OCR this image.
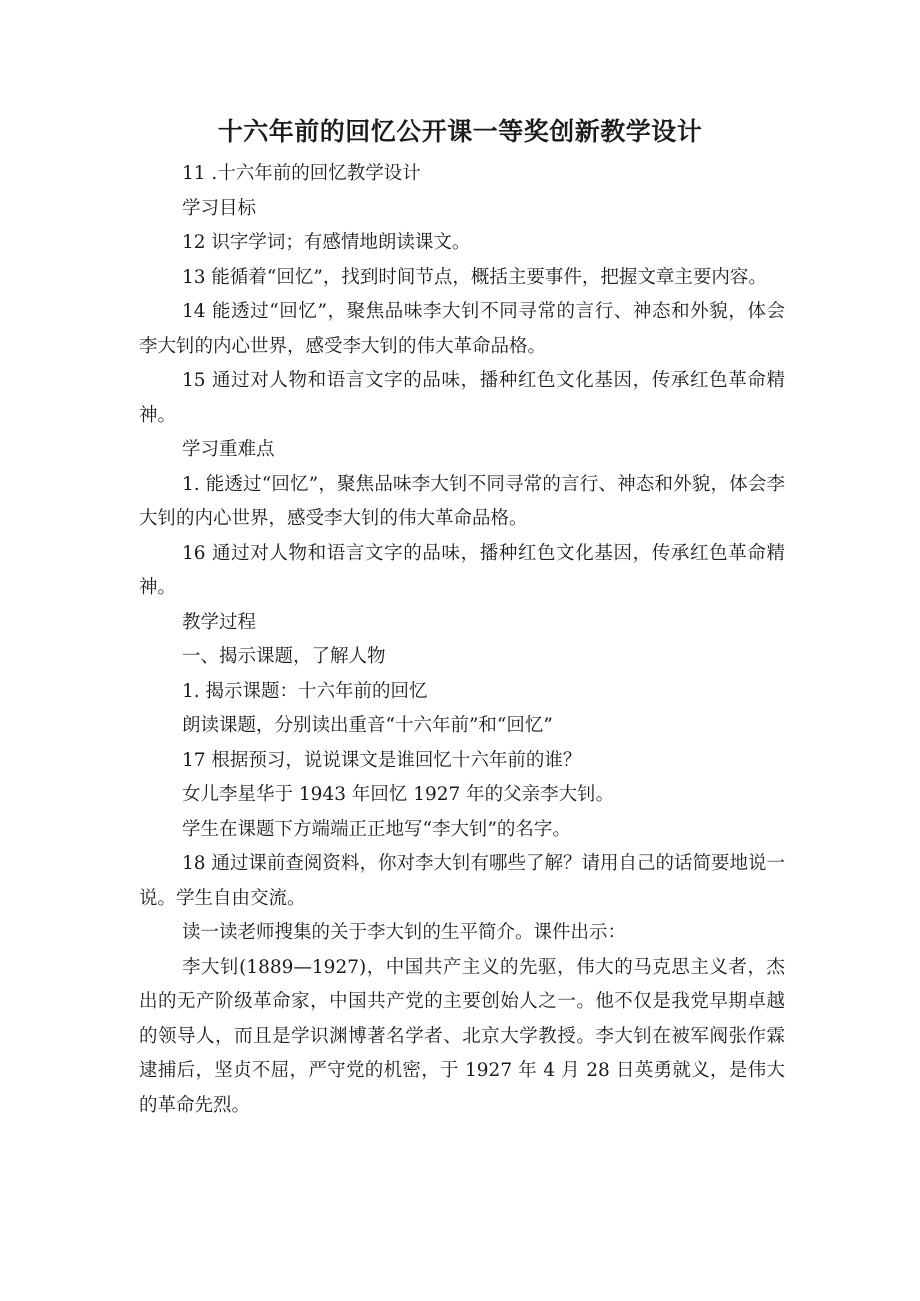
十六年前的回忆公开课一等奖创新教学设计

11 .十六年前的回忆教学设计

学习目标

12 识字学词；有感情地朗读课文。

13 能循着“回忆”，找到时间节点，概括主要事件，把握文章主要内容。

14 能透过“回忆”，聚焦品味李大钊不同寻常的言行、神态和外貌，体会李大钊的内心世界，感受李大钊的伟大革命品格。

15 通过对人物和语言文字的品味，播种红色文化基因，传承红色革命精神。

学习重难点

1. 能透过“回忆”，聚焦品味李大钊不同寻常的言行、神态和外貌，体会李大钊的内心世界，感受李大钊的伟大革命品格。

16 通过对人物和语言文字的品味，播种红色文化基因，传承红色革命精神。

教学过程

一、揭示课题，了解人物

1. 揭示课题：十六年前的回忆

朗读课题，分别读出重音“十六年前”和“回忆”

17 根据预习，说说课文是谁回忆十六年前的谁？

女儿李星华于 1943 年回忆 1927 年的父亲李大钊。

学生在课题下方端端正正地写“李大钊”的名字。

18 通过课前查阅资料，你对李大钊有哪些了解？请用自己的话简要地说一说。学生自由交流。

读一读老师搜集的关于李大钊的生平简介。课件出示：

李大钊(1889—1927)，中国共产主义的先驱，伟大的马克思主义者，杰出的无产阶级革命家，中国共产党的主要创始人之一。他不仅是我党早期卓越的领导人，而且是学识渊博著名学者、北京大学教授。李大钊在被军阀张作霖逮捕后，坚贞不屈，严守党的机密，于 1927 年 4 月 28 日英勇就义，是伟大的革命先烈。
